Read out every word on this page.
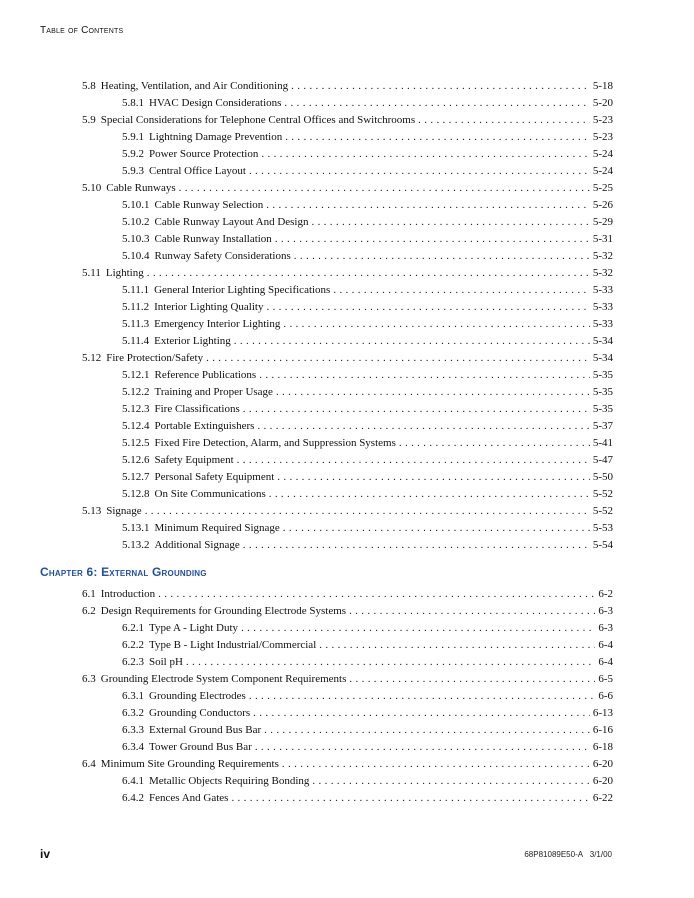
Table of Contents
5.8 Heating, Ventilation, and Air Conditioning . . .	5-18
5.8.1 HVAC Design Considerations . . .	5-20
5.9 Special Considerations for Telephone Central Offices and Switchrooms . . .	5-23
5.9.1 Lightning Damage Prevention . . .	5-23
5.9.2 Power Source Protection . . .	5-24
5.9.3 Central Office Layout . . .	5-24
5.10 Cable Runways . . .	5-25
5.10.1 Cable Runway Selection . . .	5-26
5.10.2 Cable Runway Layout And Design . . .	5-29
5.10.3 Cable Runway Installation . . .	5-31
5.10.4 Runway Safety Considerations . . .	5-32
5.11 Lighting . . .	5-32
5.11.1 General Interior Lighting Specifications . . .	5-33
5.11.2 Interior Lighting Quality . . .	5-33
5.11.3 Emergency Interior Lighting . . .	5-33
5.11.4 Exterior Lighting . . .	5-34
5.12 Fire Protection/Safety . . .	5-34
5.12.1 Reference Publications . . .	5-35
5.12.2 Training and Proper Usage . . .	5-35
5.12.3 Fire Classifications . . .	5-35
5.12.4 Portable Extinguishers . . .	5-37
5.12.5 Fixed Fire Detection, Alarm, and Suppression Systems . . .	5-41
5.12.6 Safety Equipment . . .	5-47
5.12.7 Personal Safety Equipment . . .	5-50
5.12.8 On Site Communications . . .	5-52
5.13 Signage . . .	5-52
5.13.1 Minimum Required Signage . . .	5-53
5.13.2 Additional Signage . . .	5-54
Chapter 6: External Grounding
6.1 Introduction . . .	6-2
6.2 Design Requirements for Grounding Electrode Systems . . .	6-3
6.2.1 Type A - Light Duty . . .	6-3
6.2.2 Type B - Light Industrial/Commercial . . .	6-4
6.2.3 Soil pH . . .	6-4
6.3 Grounding Electrode System Component Requirements . . .	6-5
6.3.1 Grounding Electrodes . . .	6-6
6.3.2 Grounding Conductors . . .	6-13
6.3.3 External Ground Bus Bar . . .	6-16
6.3.4 Tower Ground Bus Bar . . .	6-18
6.4 Minimum Site Grounding Requirements . . .	6-20
6.4.1 Metallic Objects Requiring Bonding . . .	6-20
6.4.2 Fences And Gates . . .	6-22
iv	68P81089E50-A 3/1/00
